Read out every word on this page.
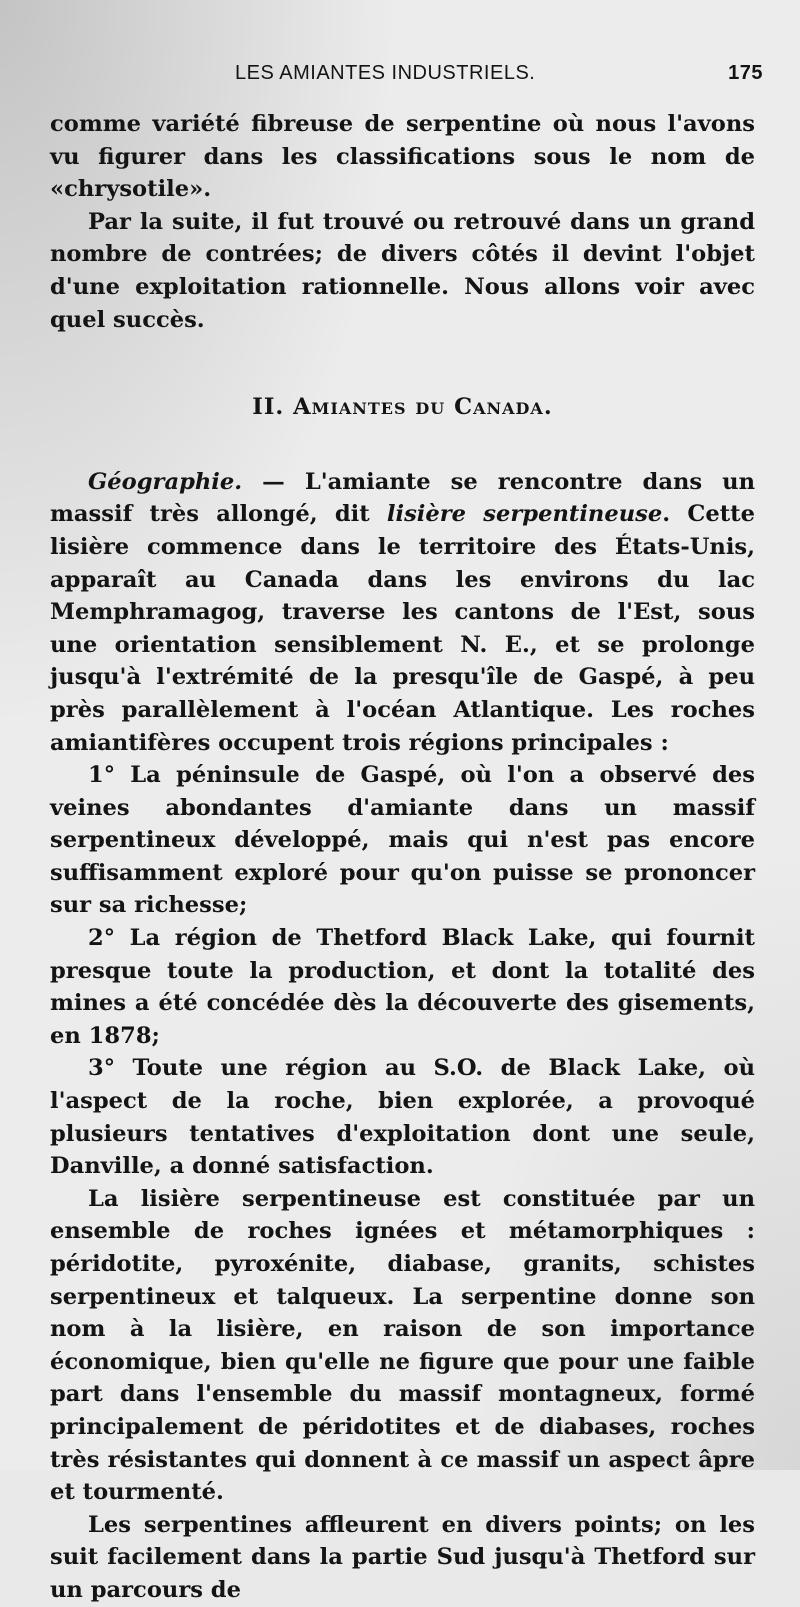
LES AMIANTES INDUSTRIELS.	175

comme variété fibreuse de serpentine où nous l'avons vu figurer dans les classifications sous le nom de «chrysotile».

Par la suite, il fut trouvé ou retrouvé dans un grand nombre de contrées; de divers côtés il devint l'objet d'une exploitation rationnelle. Nous allons voir avec quel succès.

II. Amiantes du Canada.

Géographie. — L'amiante se rencontre dans un massif très allongé, dit lisière serpentineuse. Cette lisière commence dans le territoire des États-Unis, apparaît au Canada dans les environs du lac Memphramagog, traverse les cantons de l'Est, sous une orientation sensiblement N. E., et se prolonge jusqu'à l'extrémité de la presqu'île de Gaspé, à peu près parallèlement à l'océan Atlantique. Les roches amiantifères occupent trois régions principales :

1° La péninsule de Gaspé, où l'on a observé des veines abondantes d'amiante dans un massif serpentineux développé, mais qui n'est pas encore suffisamment exploré pour qu'on puisse se prononcer sur sa richesse;

2° La région de Thetford Black Lake, qui fournit presque toute la production, et dont la totalité des mines a été concédée dès la découverte des gisements, en 1878;

3° Toute une région au S.O. de Black Lake, où l'aspect de la roche, bien explorée, a provoqué plusieurs tentatives d'exploitation dont une seule, Danville, a donné satisfaction.

La lisière serpentineuse est constituée par un ensemble de roches ignées et métamorphiques : péridotite, pyroxénite, diabase, granits, schistes serpentineux et talqueux. La serpentine donne son nom à la lisière, en raison de son importance économique, bien qu'elle ne figure que pour une faible part dans l'ensemble du massif montagneux, formé principalement de péridotites et de diabases, roches très résistantes qui donnent à ce massif un aspect âpre et tourmenté.

Les serpentines affleurent en divers points; on les suit facilement dans la partie Sud jusqu'à Thetford sur un parcours de
